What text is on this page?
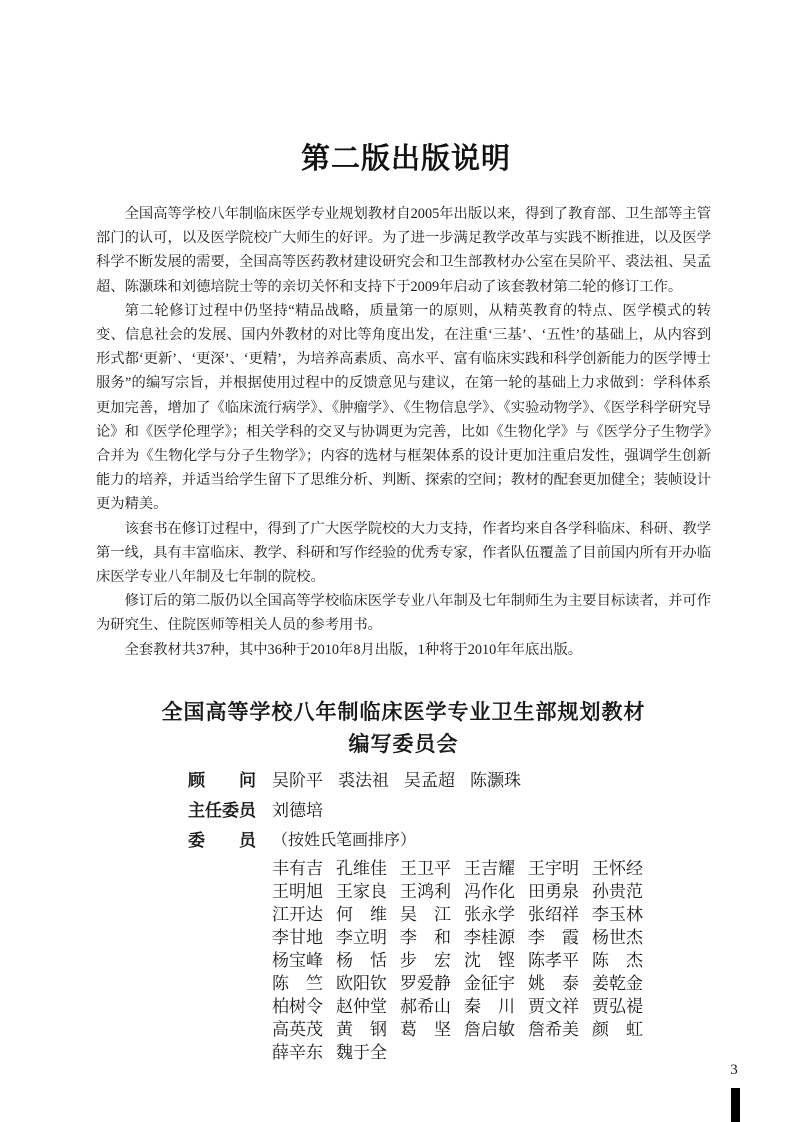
第二版出版说明

全国高等学校八年制临床医学专业规划教材自2005年出版以来，得到了教育部、卫生部等主管部门的认可，以及医学院校广大师生的好评。为了进一步满足教学改革与实践不断推进，以及医学科学不断发展的需要，全国高等医药教材建设研究会和卫生部教材办公室在吴阶平、裘法祖、吴孟超、陈灏珠和刘德培院士等的亲切关怀和支持下于2009年启动了该套教材第二轮的修订工作。

第二轮修订过程中仍坚持“精品战略，质量第一的原则，从精英教育的特点、医学模式的转变、信息社会的发展、国内外教材的对比等角度出发，在注重‘三基’、‘五性’的基础上，从内容到形式都‘更新’、‘更深’、‘更精’，为培养高素质、高水平、富有临床实践和科学创新能力的医学博士服务”的编写宗旨，并根据使用过程中的反馈意见与建议，在第一轮的基础上力求做到：学科体系更加完善，增加了《临床流行病学》、《肿瘤学》、《生物信息学》、《实验动物学》、《医学科学研究导论》和《医学伦理学》；相关学科的交叉与协调更为完善，比如《生物化学》与《医学分子生物学》合并为《生物化学与分子生物学》；内容的选材与框架体系的设计更加注重启发性，强调学生创新能力的培养，并适当给学生留下了思维分析、判断、探索的空间；教材的配套更加健全；装帧设计更为精美。

该套书在修订过程中，得到了广大医学院校的大力支持，作者均来自各学科临床、科研、教学第一线，具有丰富临床、教学、科研和写作经验的优秀专家，作者队伍覆盖了目前国内所有开办临床医学专业八年制及七年制的院校。

修订后的第二版仍以全国高等学校临床医学专业八年制及七年制师生为主要目标读者，并可作为研究生、住院医师等相关人员的参考用书。

全套教材共37种，其中36种于2010年8月出版，1种将于2010年年底出版。

全国高等学校八年制临床医学专业卫生部规划教材
编写委员会
顾　　问 吴阶平 裘法祖 吴孟超 陈灏珠
主任委员 刘德培
委　　员 （按姓氏笔画排序）
丰有吉 孔维佳 王卫平 王吉耀 王宇明 王怀经
王明旭 王家良 王鸿利 冯作化 田勇泉 孙贵范
江开达 何　维 吴　江 张永学 张绍祥 李玉林
李甘地 李立明 李　和 李桂源 李　霞 杨世杰
杨宝峰 杨　恬 步　宏 沈　铿 陈孝平 陈　杰
陈　竺 欧阳钦 罗爱静 金征宇 姚　泰 姜乾金
柏树令 赵仲堂 郝希山 秦　川 贾文祥 贾弘禔
高英茂 黄　钢 葛　坚 詹启敏 詹希美 颜　虹
薛辛东 魏于全
3
